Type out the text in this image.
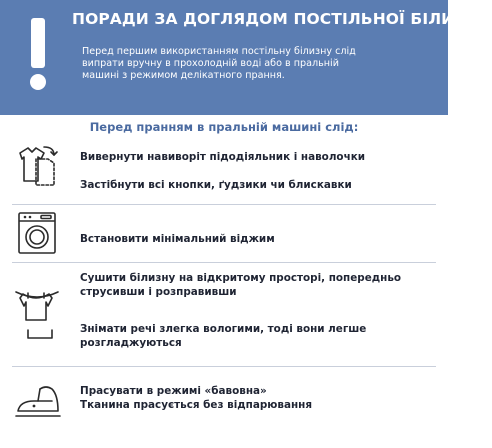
ПОРАДИ ЗА ДОГЛЯДОМ ПОСТІЛЬНОЇ БІЛИЗНИ
Перед першим використанням постільну білизну слід
випрати вручну в прохолодній воді або в пральній
машині з режимом делікатного прання.
Перед пранням в пральній машині слід:
Вивернути навиворіт підодіяльник і наволочки
Застібнути всі кнопки, ґудзики чи блискавки
Встановити мінімальний віджим
Сушити білизну на відкритому просторі, попередньо
струсивши і розправивши
Знімати речі злегка вологими, тоді вони легше
розгладжуються
Прасувати в режимі «бавовна»
Тканина прасується без відпарювання
